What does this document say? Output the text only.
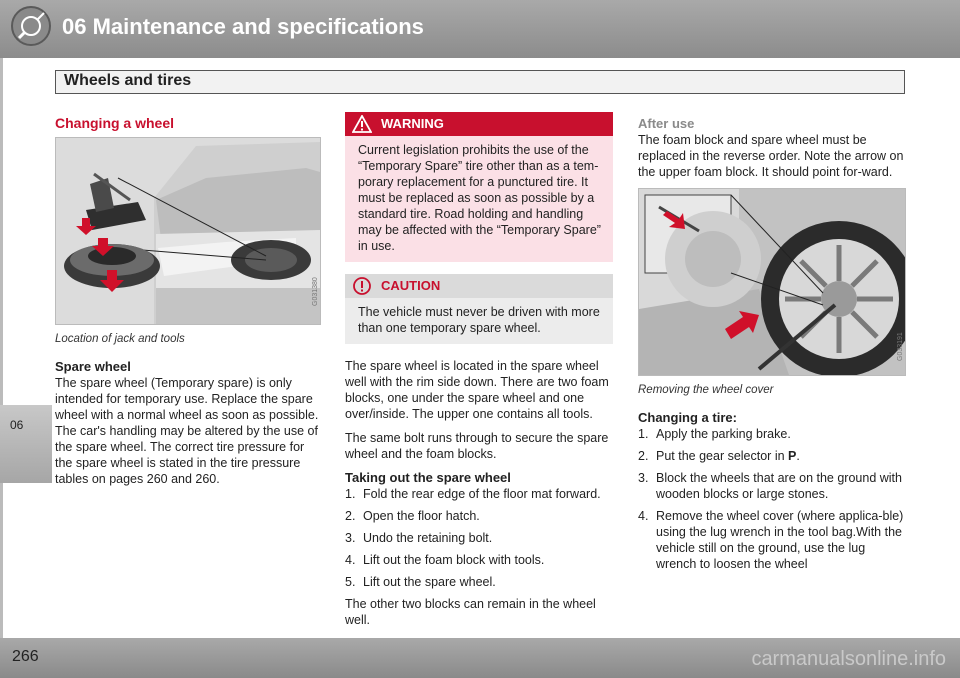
06 Maintenance and specifications
Wheels and tires
06
Changing a wheel
G031380
Location of jack and tools
Spare wheel

The spare wheel (Temporary spare) is only intended for temporary use. Replace the spare wheel with a normal wheel as soon as possible. The car's handling may be altered by the use of the spare wheel. The correct tire pressure for the spare wheel is stated in the tire pressure tables on pages 260 and 260.

WARNING
Current legislation prohibits the use of the “Temporary Spare” tire other than as a tem-porary replacement for a punctured tire. It must be replaced as soon as possible by a standard tire. Road holding and handling may be affected with the “Temporary Spare” in use.
CAUTION
The vehicle must never be driven with more than one temporary spare wheel.

The spare wheel is located in the spare wheel well with the rim side down. There are two foam blocks, one under the spare wheel and one over/inside. The upper one contains all tools.

The same bolt runs through to secure the spare wheel and the foam blocks.

Taking out the spare wheel
1. Fold the rear edge of the floor mat forward.
2. Open the floor hatch.
3. Undo the retaining bolt.
4. Lift out the foam block with tools.
5. Lift out the spare wheel.

The other two blocks can remain in the wheel well.

After use

The foam block and spare wheel must be replaced in the reverse order. Note the arrow on the upper foam block. It should point for-ward.

G033191
Removing the wheel cover
Changing a tire:
1. Apply the parking brake.
2. Put the gear selector in P.
3. Block the wheels that are on the ground with wooden blocks or large stones.
4. Remove the wheel cover (where applica-ble) using the lug wrench in the tool bag.With the vehicle still on the ground, use the lug wrench to loosen the wheel
266	carmanualsonline.info
